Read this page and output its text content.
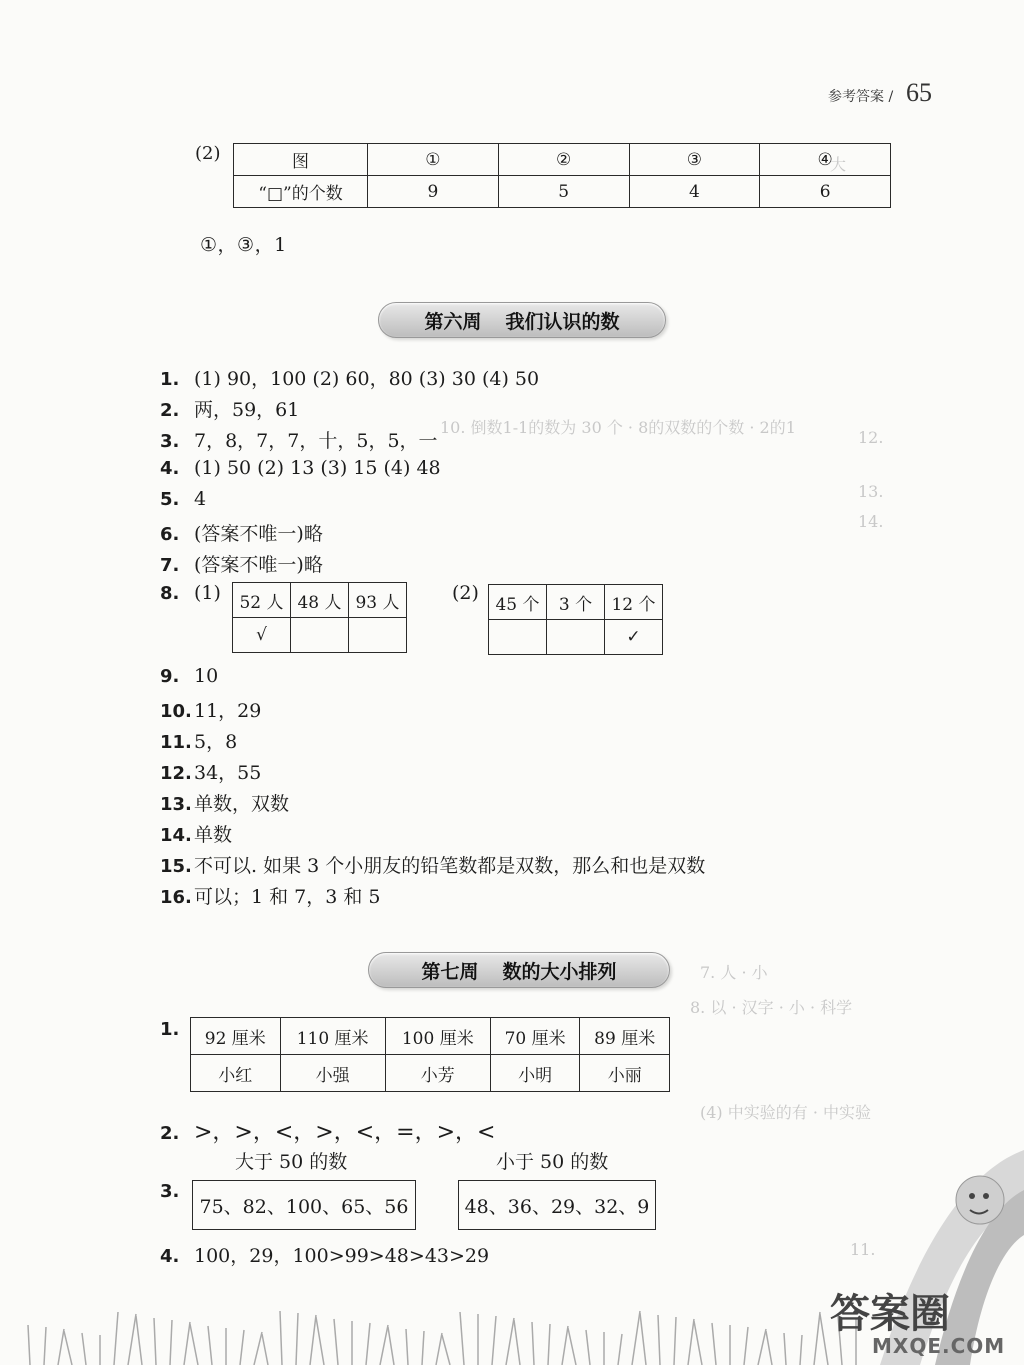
大
10. 倒数1-1的数为 30 个 · 8的双数的个数 · 2的1
12.
13.
14.
7. 人 · 小
8. 以 · 汉字 · 小 · 科学
(4) 中实验的有 · 中实验
11.
参考答案 / 65
(2)	图	①	②	③	④
“□”的个数	9	5	4	6
①，③，1
第六周 我们认识的数
1. (1) 90，100 (2) 60，80 (3) 30 (4) 50
2. 两，59，61
3. 7，8，7，7，十，5，5，一
4. (1) 50 (2) 13 (3) 15 (4) 48
5. 4
6. (答案不唯一)略
7. (答案不唯一)略
8. (1) 52 人	48 人	93 人
√		
(2)
45 个	3 个	12 个
		✓
9. 10
10. 11，29
11. 5，8
12. 34，55
13. 单数，双数
14. 单数
15. 不可以. 如果 3 个小朋友的铅笔数都是双数，那么和也是双数
16. 可以；1 和 7，3 和 5
第七周 数的大小排列
1.	92 厘米	110 厘米	100 厘米	70 厘米	89 厘米
小红	小强	小芳	小明	小丽
2. >，>，<，>，<，=，>，<
大于 50 的数	小于 50 的数
3.
75、82、100、65、56	48、36、29、32、9
4. 100，29，100>99>48>43>29
答案圈
MXQE.COM
